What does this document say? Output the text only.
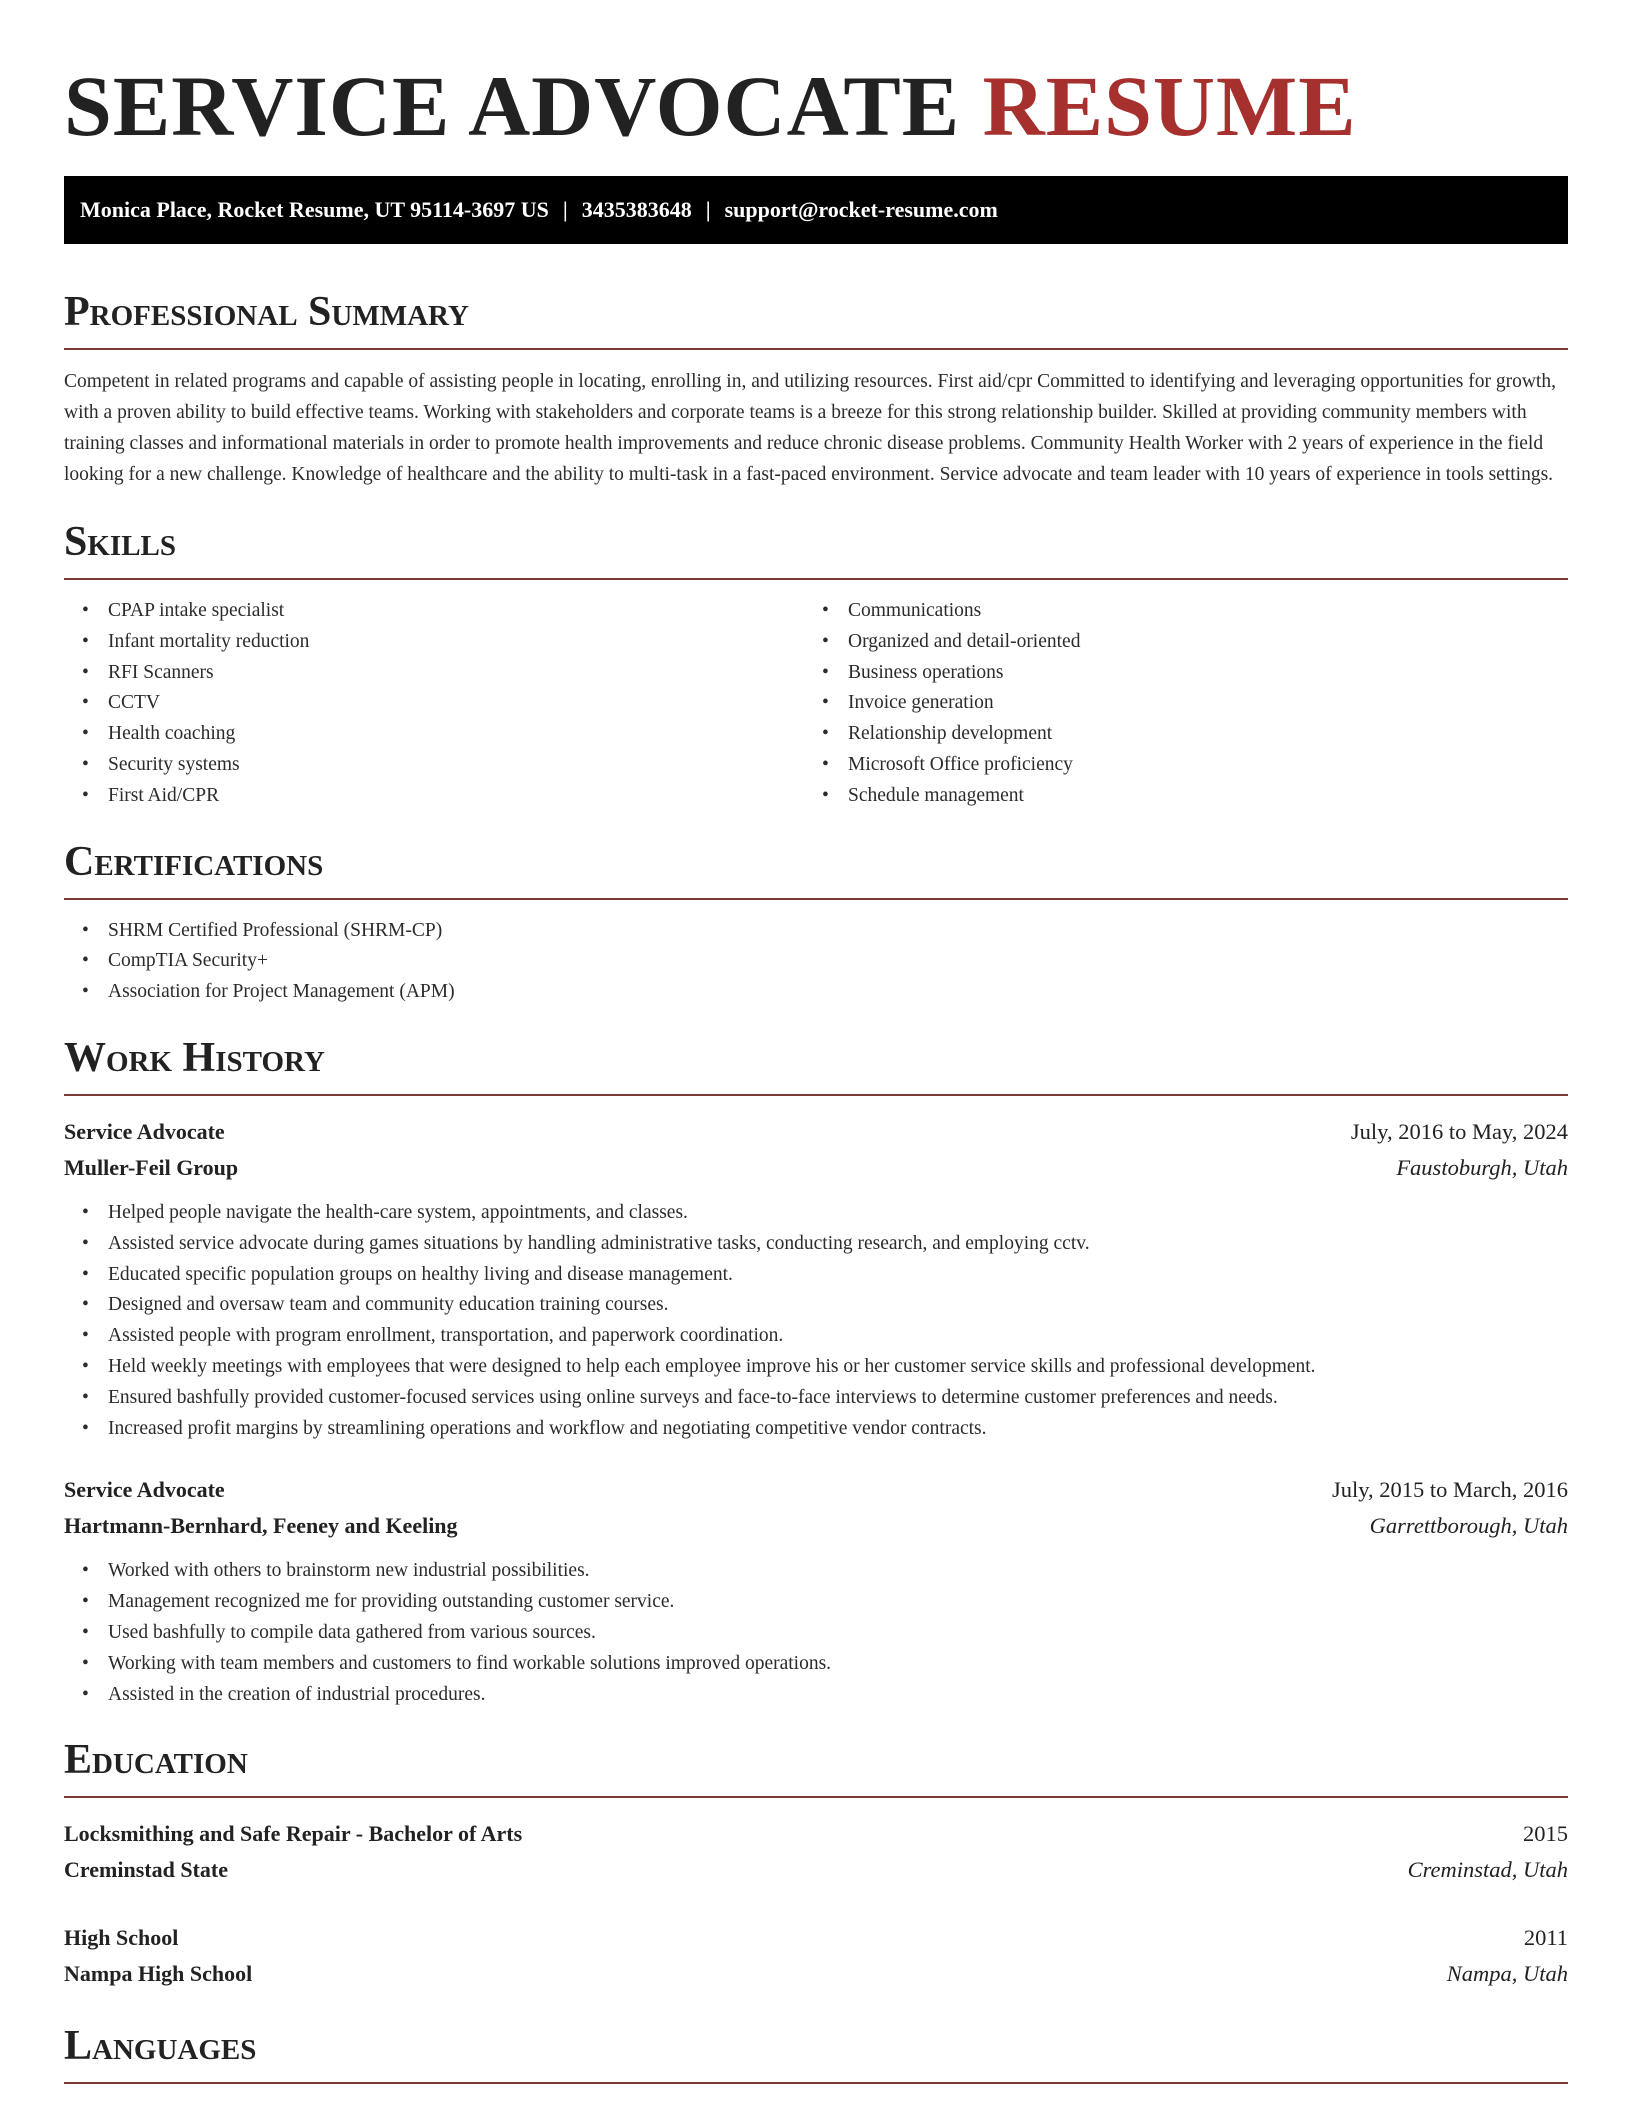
SERVICE ADVOCATE RESUME
Monica Place, Rocket Resume, UT 95114-3697 US | 3435383648 | support@rocket-resume.com
Professional Summary

Competent in related programs and capable of assisting people in locating, enrolling in, and utilizing resources. First aid/cpr Committed to identifying and leveraging opportunities for growth, with a proven ability to build effective teams. Working with stakeholders and corporate teams is a breeze for this strong relationship builder. Skilled at providing community members with training classes and informational materials in order to promote health improvements and reduce chronic disease problems. Community Health Worker with 2 years of experience in the field looking for a new challenge. Knowledge of healthcare and the ability to multi-task in a fast-paced environment. Service advocate and team leader with 10 years of experience in tools settings.

Skills
• CPAP intake specialist
• Infant mortality reduction
• RFI Scanners
• CCTV
• Health coaching
• Security systems
• First Aid/CPR
• Communications
• Organized and detail-oriented
• Business operations
• Invoice generation
• Relationship development
• Microsoft Office proficiency
• Schedule management
Certifications
• SHRM Certified Professional (SHRM-CP)
• CompTIA Security+
• Association for Project Management (APM)
Work History
Service Advocate	July, 2016 to May, 2024
Muller-Feil Group	Faustoburgh, Utah
• Helped people navigate the health-care system, appointments, and classes.
• Assisted service advocate during games situations by handling administrative tasks, conducting research, and employing cctv.
• Educated specific population groups on healthy living and disease management.
• Designed and oversaw team and community education training courses.
• Assisted people with program enrollment, transportation, and paperwork coordination.
• Held weekly meetings with employees that were designed to help each employee improve his or her customer service skills and professional development.
• Ensured bashfully provided customer-focused services using online surveys and face-to-face interviews to determine customer preferences and needs.
• Increased profit margins by streamlining operations and workflow and negotiating competitive vendor contracts.
Service Advocate	July, 2015 to March, 2016
Hartmann-Bernhard, Feeney and Keeling	Garrettborough, Utah
• Worked with others to brainstorm new industrial possibilities.
• Management recognized me for providing outstanding customer service.
• Used bashfully to compile data gathered from various sources.
• Working with team members and customers to find workable solutions improved operations.
• Assisted in the creation of industrial procedures.
Education
Locksmithing and Safe Repair - Bachelor of Arts	2015
Creminstad State	Creminstad, Utah
High School	2011
Nampa High School	Nampa, Utah
Languages
